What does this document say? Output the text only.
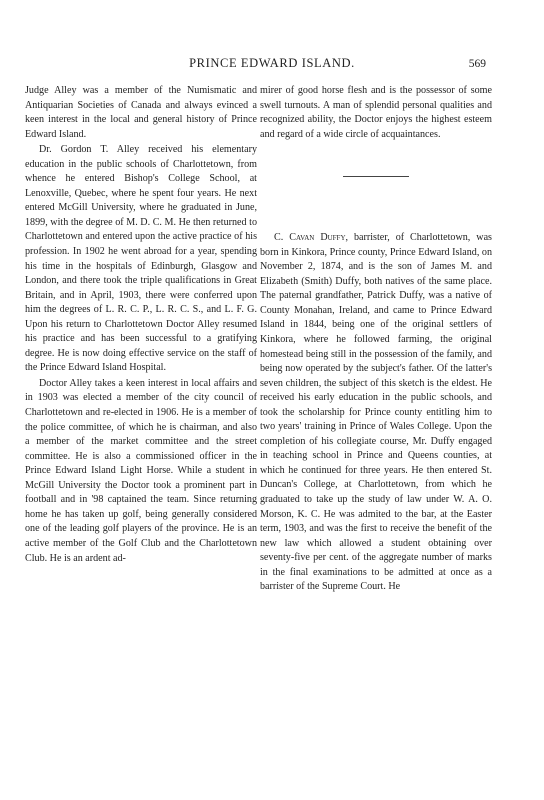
PRINCE EDWARD ISLAND.	569

Judge Alley was a member of the Numismatic and Antiquarian Societies of Canada and always evinced a keen interest in the local and general history of Prince Edward Island.

Dr. Gordon T. Alley received his elementary education in the public schools of Charlottetown, from whence he entered Bishop's College School, at Lenoxville, Quebec, where he spent four years. He next entered McGill University, where he graduated in June, 1899, with the degree of M. D. C. M. He then returned to Charlottetown and entered upon the active practice of his profession. In 1902 he went abroad for a year, spending his time in the hospitals of Edinburgh, Glasgow and London, and there took the triple qualifications in Great Britain, and in April, 1903, there were conferred upon him the degrees of L. R. C. P., L. R. C. S., and L. F. G. Upon his return to Charlottetown Doctor Alley resumed his practice and has been successful to a gratifying degree. He is now doing effective service on the staff of the Prince Edward Island Hospital.

Doctor Alley takes a keen interest in local affairs and in 1903 was elected a member of the city council of Charlottetown and re-elected in 1906. He is a member of the police committee, of which he is chairman, and also a member of the market committee and the street committee. He is also a commissioned officer in the Prince Edward Island Light Horse. While a student in McGill University the Doctor took a prominent part in football and in '98 captained the team. Since returning home he has taken up golf, being generally considered one of the leading golf players of the province. He is an active member of the Golf Club and the Charlottetown Club. He is an ardent ad-

mirer of good horse flesh and is the possessor of some swell turnouts. A man of splendid personal qualities and recognized ability, the Doctor enjoys the highest esteem and regard of a wide circle of acquaintances.

C. Cavan Duffy, barrister, of Charlottetown, was born in Kinkora, Prince county, Prince Edward Island, on November 2, 1874, and is the son of James M. and Elizabeth (Smith) Duffy, both natives of the same place. The paternal grandfather, Patrick Duffy, was a native of County Monahan, Ireland, and came to Prince Edward Island in 1844, being one of the original settlers of Kinkora, where he followed farming, the original homestead being still in the possession of the family, and being now operated by the subject's father. Of the latter's seven children, the subject of this sketch is the eldest. He received his early education in the public schools, and took the scholarship for Prince county entitling him to two years' training in Prince of Wales College. Upon the completion of his collegiate course, Mr. Duffy engaged in teaching school in Prince and Queens counties, at which he continued for three years. He then entered St. Duncan's College, at Charlottetown, from which he graduated to take up the study of law under W. A. O. Morson, K. C. He was admited to the bar, at the Easter term, 1903, and was the first to receive the benefit of the new law which allowed a student obtaining over seventy-five per cent. of the aggregate number of marks in the final examinations to be admitted at once as a barrister of the Supreme Court. He
